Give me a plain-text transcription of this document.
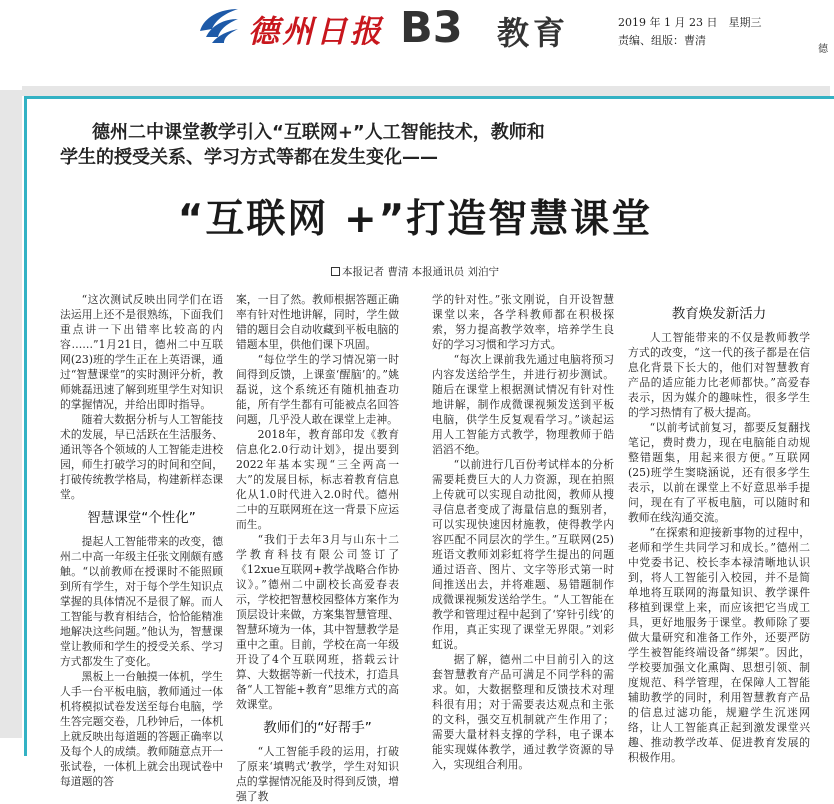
德州日报 B3 教育	2019 年 1 月 23 日　星期三
责编、组版：曹清
德
德州二中课堂教学引入“互联网+”人工智能技术，教师和
学生的授受关系、学习方式等都在发生变化——
“互联网 +”打造智慧课堂
本报记者 曹清 本报通讯员 刘泊宁

“这次测试反映出同学们在语法运用上还不是很熟练，下面我们重点讲一下出错率比较高的内容……”1月21日，德州二中互联网(23)班的学生正在上英语课，通过“智慧课堂”的实时测评分析，教师姚磊迅速了解到班里学生对知识的掌握情况，并给出即时指导。

随着大数据分析与人工智能技术的发展，早已活跃在生活服务、通讯等各个领域的人工智能走进校园，师生打破学习的时间和空间，打破传统教学格局，构建新样态课堂。

智慧课堂“个性化”

提起人工智能带来的改变，德州二中高一年级主任张文刚颇有感触。“以前教师在授课时不能照顾到所有学生，对于每个学生知识点掌握的具体情况不是很了解。而人工智能与教育相结合，恰恰能精准地解决这些问题。”他认为，智慧课堂让教师和学生的授受关系、学习方式都发生了变化。

黑板上一台触摸一体机，学生人手一台平板电脑，教师通过一体机将模拟试卷发送至每台电脑，学生答完题交卷，几秒钟后，一体机上就反映出每道题的答题正确率以及每个人的成绩。教师随意点开一张试卷，一体机上就会出现试卷中每道题的答

案，一目了然。教师根据答题正确率有针对性地讲解，同时，学生做错的题目会自动收藏到平板电脑的错题本里，供他们课下巩固。

“每位学生的学习情况第一时间得到反馈，上课蛮‘醒脑’的。”姚磊说，这个系统还有随机抽查功能，所有学生都有可能被点名回答问题，几乎没人敢在课堂上走神。

2018年，教育部印发《教育信息化2.0行动计划》，提出要到2022年基本实现“三全两高一大”的发展目标，标志着教育信息化从1.0时代进入2.0时代。德州二中的互联网班在这一背景下应运而生。

“我们于去年3月与山东十二学教育科技有限公司签订了《12xue互联网+教学战略合作协议》。”德州二中副校长高爱春表示，学校把智慧校园整体方案作为顶层设计来做，方案集智慧管理、智慧环境为一体，其中智慧教学是重中之重。目前，学校在高一年级开设了4个互联网班，搭载云计算、大数据等新一代技术，打造具备“人工智能+教育”思维方式的高效课堂。

教师们的“好帮手”

“人工智能手段的运用，打破了原来‘填鸭式’教学，学生对知识点的掌握情况能及时得到反馈，增强了教

学的针对性。”张文刚说，自开设智慧课堂以来，各学科教师都在积极探索，努力提高教学效率，培养学生良好的学习习惯和学习方式。

“每次上课前我先通过电脑将预习内容发送给学生，并进行初步测试。随后在课堂上根据测试情况有针对性地讲解，制作成微课视频发送到平板电脑，供学生反复观看学习。”谈起运用人工智能方式教学，物理教师于皓滔滔不绝。

“以前进行几百份考试样本的分析需要耗费巨大的人力资源，现在拍照上传就可以实现自动批阅，教师从搜寻信息者变成了海量信息的甄别者，可以实现快速因材施教，使得教学内容匹配不同层次的学生。”互联网(25)班语文教师刘彩虹将学生提出的问题通过语音、图片、文字等形式第一时间推送出去，并将难题、易错题制作成微课视频发送给学生。“人工智能在教学和管理过程中起到了‘穿针引线’的作用，真正实现了课堂无界限。”刘彩虹说。

据了解，德州二中目前引入的这套智慧教育产品可满足不同学科的需求。如，大数据整理和反馈技术对理科很有用；对于需要表达观点和主张的文科，强交互机制就产生作用了；需要大量材料支撑的学科，电子课本能实现媒体教学，通过教学资源的导入，实现组合利用。

教育焕发新活力

人工智能带来的不仅是教师教学方式的改变，“这一代的孩子都是在信息化背景下长大的，他们对智慧教育产品的适应能力比老师都快。”高爱春表示，因为媒介的趣味性，很多学生的学习热情有了极大提高。

“以前考试前复习，都要反复翻找笔记，费时费力，现在电脑能自动规整错题集，用起来很方便。”互联网(25)班学生窦晓涵说，还有很多学生表示，以前在课堂上不好意思举手提问，现在有了平板电脑，可以随时和教师在线沟通交流。

“在探索和迎接新事物的过程中，老师和学生共同学习和成长。”德州二中党委书记、校长李本禄清晰地认识到，将人工智能引入校园，并不是简单地将互联网的海量知识、教学课件移植到课堂上来，而应该把它当成工具，更好地服务于课堂。教师除了要做大量研究和准备工作外，还要严防学生被智能终端设备“绑架”。因此，学校要加强文化熏陶、思想引领、制度规范、科学管理，在保障人工智能辅助教学的同时，利用智慧教育产品的信息过滤功能，规避学生沉迷网络，让人工智能真正起到激发课堂兴趣、推动教学改革、促进教育发展的积极作用。
